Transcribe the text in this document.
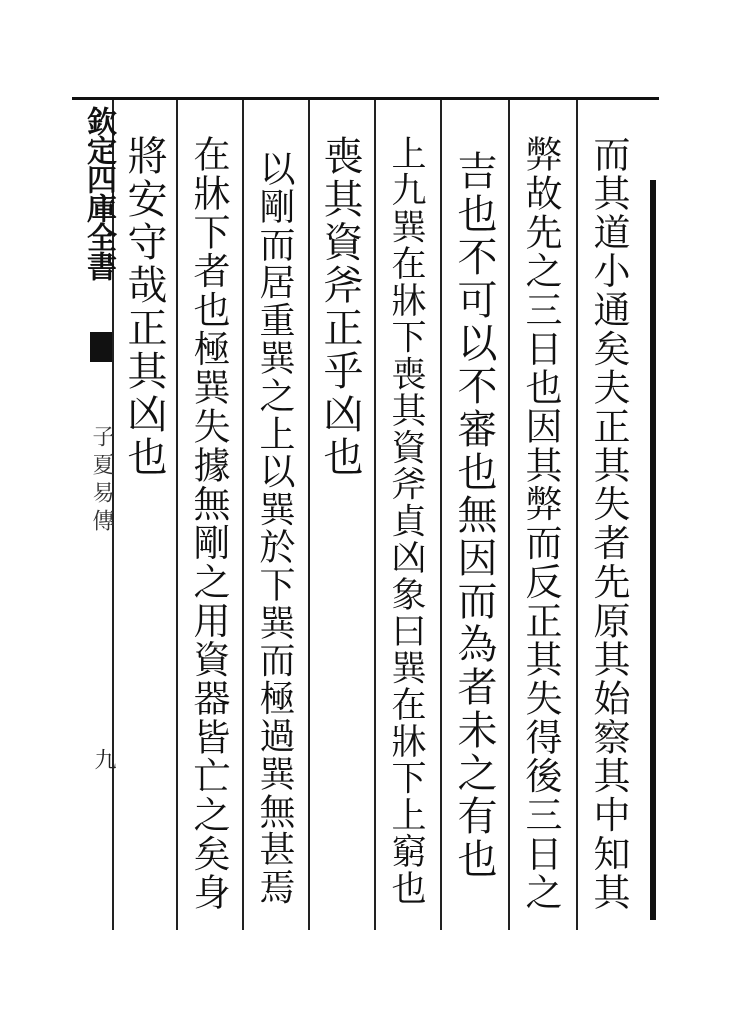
欽定四庫全書
子夏易傳
九	而其道小通矣夫正其失者先原其始察其中知其
弊故先之三日也因其弊而反正其失得後三日之
吉也不可以不審也無因而為者未之有也
上九巽在牀下喪其資斧貞凶象曰巽在牀下上窮也
喪其資斧正乎凶也
以剛而居重巽之上以巽於下巽而極過巽無甚焉
在牀下者也極巽失據無剛之用資器皆亡之矣身
將安守哉正其凶也
